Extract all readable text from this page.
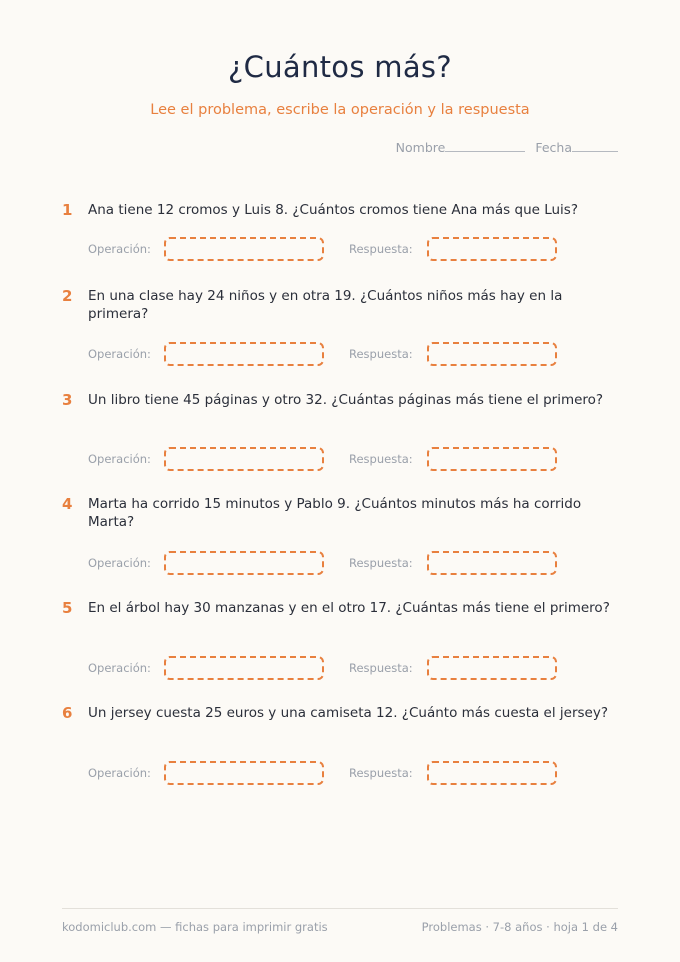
¿Cuántos más?
Lee el problema, escribe la operación y la respuesta
Nombre	Fecha
1	Ana tiene 12 cromos y Luis 8. ¿Cuántos cromos tiene Ana más que Luis?
Operación:	Respuesta:
2	En una clase hay 24 niños y en otra 19. ¿Cuántos niños más hay en la primera?
Operación:	Respuesta:
3	Un libro tiene 45 páginas y otro 32. ¿Cuántas páginas más tiene el primero?
Operación:	Respuesta:
4	Marta ha corrido 15 minutos y Pablo 9. ¿Cuántos minutos más ha corrido Marta?
Operación:	Respuesta:
5	En el árbol hay 30 manzanas y en el otro 17. ¿Cuántas más tiene el primero?
Operación:	Respuesta:
6	Un jersey cuesta 25 euros y una camiseta 12. ¿Cuánto más cuesta el jersey?
Operación:	Respuesta:
kodomiclub.com — fichas para imprimir gratis	Problemas · 7-8 años · hoja 1 de 4
